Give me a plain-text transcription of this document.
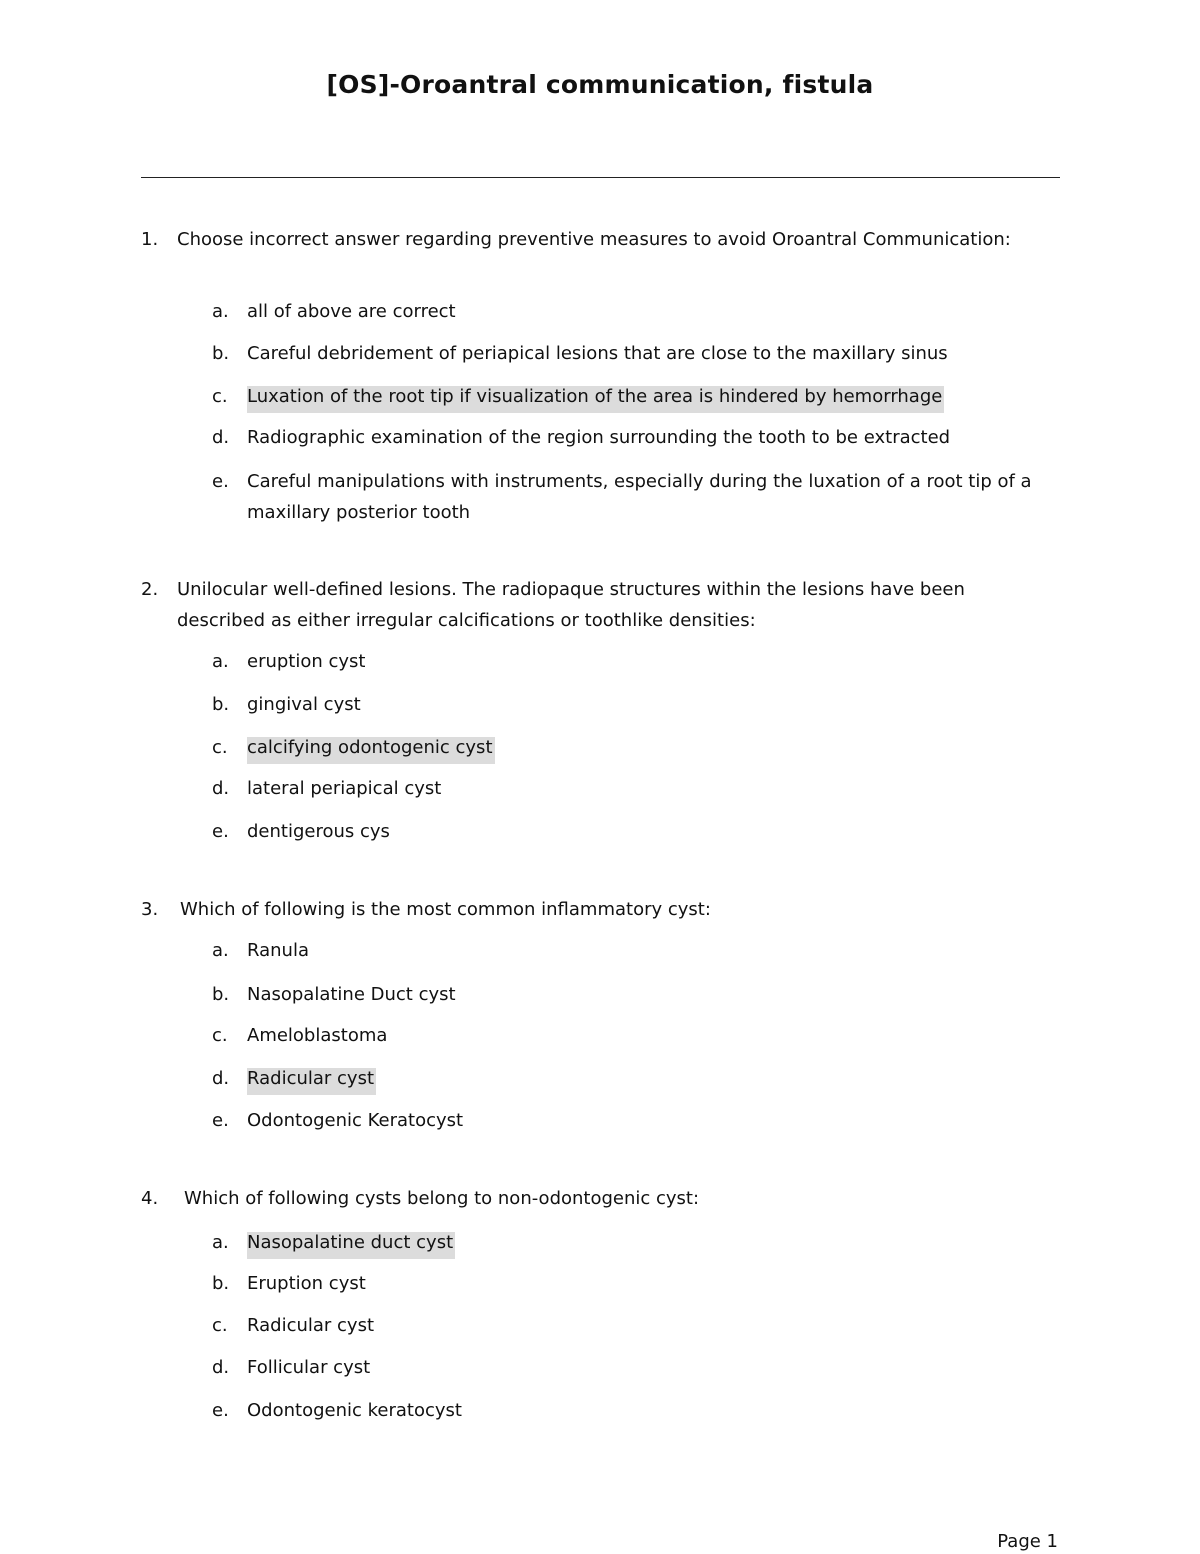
[OS]-Oroantral communication, fistula
1. Choose incorrect answer regarding preventive measures to avoid Oroantral Communication:
a. all of above are correct
b. Careful debridement of periapical lesions that are close to the maxillary sinus
c. Luxation of the root tip if visualization of the area is hindered by hemorrhage
d. Radiographic examination of the region surrounding the tooth to be extracted
e. Careful manipulations with instruments, especially during the luxation of a root tip of a maxillary posterior tooth
2. Unilocular well-defined lesions. The radiopaque structures within the lesions have been described as either irregular calcifications or toothlike densities:
a. eruption cyst
b. gingival cyst
c. calcifying odontogenic cyst
d. lateral periapical cyst
e. dentigerous cys
3. Which of following is the most common inflammatory cyst:
a. Ranula
b. Nasopalatine Duct cyst
c. Ameloblastoma
d. Radicular cyst
e. Odontogenic Keratocyst
4. Which of following cysts belong to non-odontogenic cyst:
a. Nasopalatine duct cyst
b. Eruption cyst
c. Radicular cyst
d. Follicular cyst
e. Odontogenic keratocyst
Page 1
